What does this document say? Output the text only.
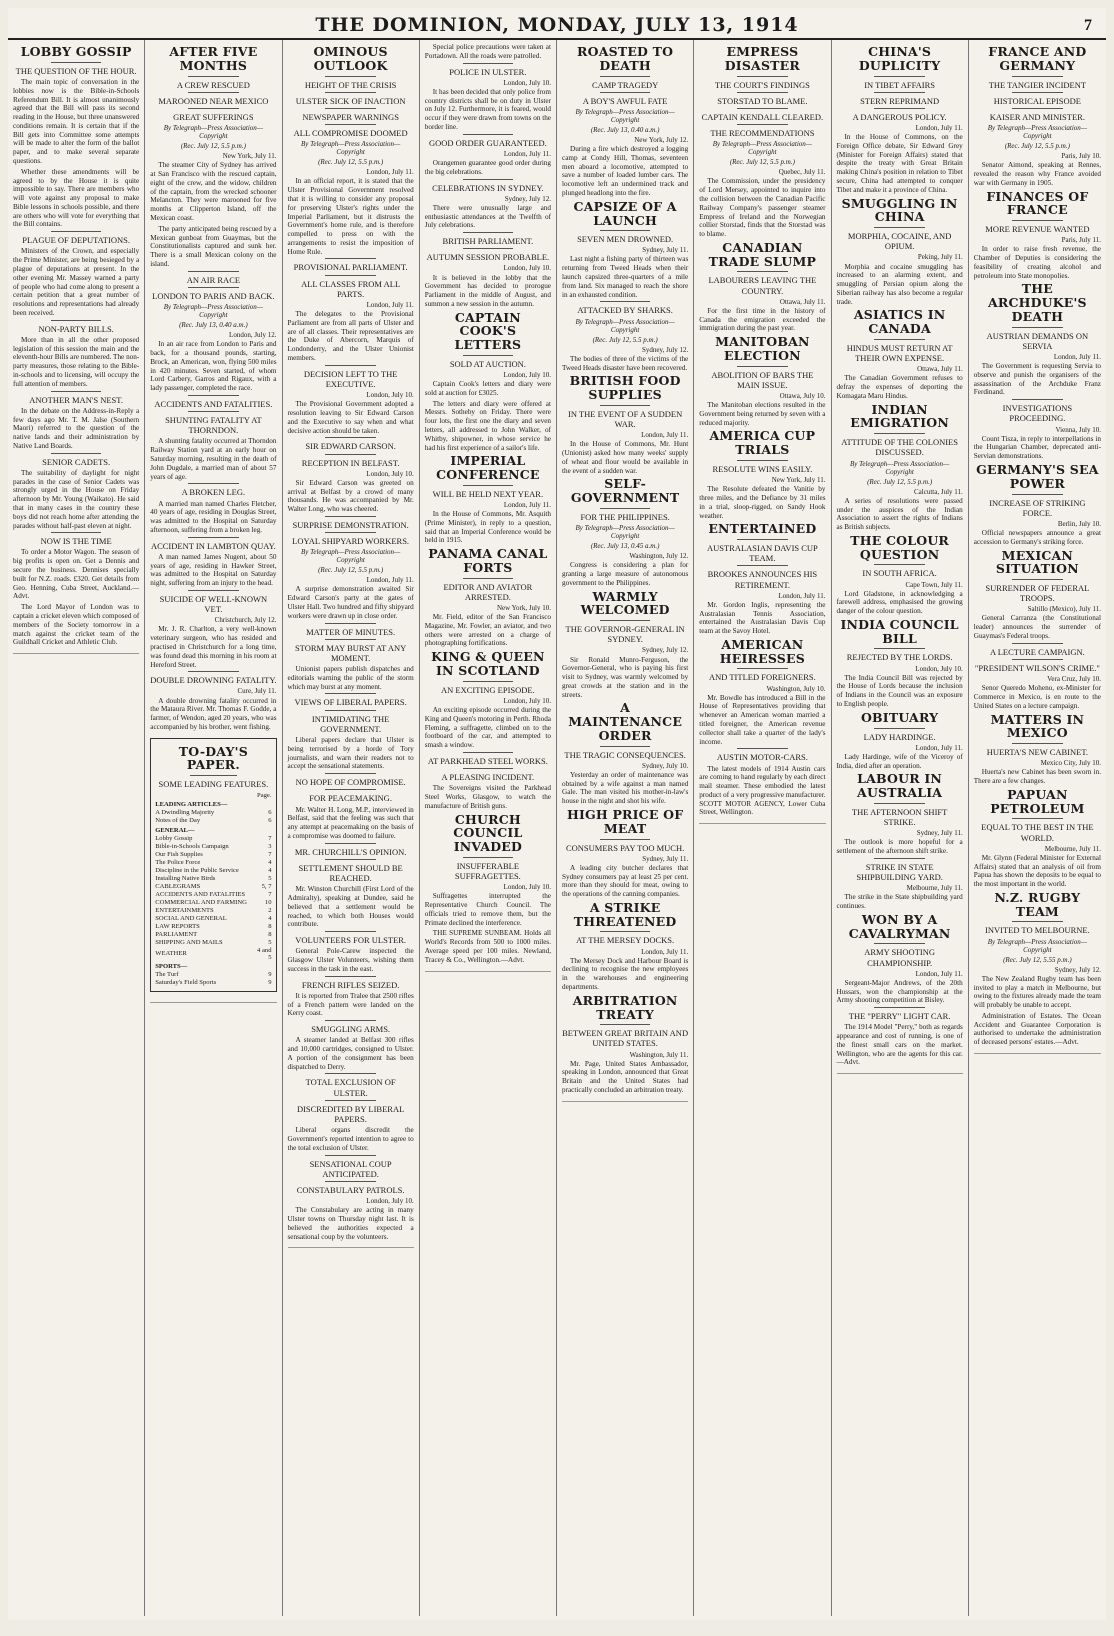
THE DOMINION, MONDAY, JULY 13, 1914	7
LOBBY GOSSIP
THE QUESTION OF THE HOUR.

The main topic of conversation in the lobbies now is the Bible-in-Schools Referendum Bill. It is almost unanimously agreed that the Bill will pass its second reading in the House, but three unanswered conditions remain. It is certain that if the Bill gets into Committee some attempts will be made to alter the form of the ballot paper, and to make several separate questions.

Whether these amendments will be agreed to by the House it is quite impossible to say. There are members who will vote against any proposal to make Bible lessons in schools possible, and there are others who will vote for everything that the Bill contains.

PLAGUE OF DEPUTATIONS.

Ministers of the Crown, and especially the Prime Minister, are being besieged by a plague of deputations at present. In the other evening Mr. Massey warned a party of people who had come along to present a certain petition that a great number of resolutions and representations had already been received.

NON-PARTY BILLS.

More than in all the other proposed legislation of this session the main and the eleventh-hour Bills are numbered. The non-party measures, those relating to the Bible-in-schools and to licensing, will occupy the full attention of members.

ANOTHER MAN'S NEST.

In the debate on the Address-in-Reply a few days ago Mr. T. M. Jalse (Southern Maori) referred to the question of the native lands and their administration by Native Land Boards.

SENIOR CADETS.

The suitability of daylight for night parades in the case of Senior Cadets was strongly urged in the House on Friday afternoon by Mr. Young (Waikato). He said that in many cases in the country these boys did not reach home after attending the parades without half-past eleven at night.

NOW IS THE TIME

To order a Motor Wagon. The season of big profits is open on. Get a Dennis and secure the business. Dennises specially built for N.Z. roads. £320. Get details from Geo. Henning, Cuba Street, Auckland.—Advt.

The Lord Mayor of London was to captain a cricket eleven which composed of members of the Society tomorrow in a match against the cricket team of the Guildhall Cricket and Athletic Club.

AFTER FIVE MONTHS
A CREW RESCUED
MAROONED NEAR MEXICO
GREAT SUFFERINGS
By Telegraph—Press Association—Copyright
(Rec. July 12, 5.5 p.m.)
New York, July 11.

The steamer City of Sydney has arrived at San Francisco with the rescued captain, eight of the crew, and the widow, children of the captain, from the wrecked schooner Melancton. They were marooned for five months at Clipperton Island, off the Mexican coast.

The party anticipated being rescued by a Mexican gunboat from Guaymas, but the Constitutionalists captured and sunk her. There is a small Mexican colony on the island.

AN AIR RACE
LONDON TO PARIS AND BACK.
By Telegraph—Press Association—Copyright
(Rec. July 13, 0.40 a.m.)
London, July 12.

In an air race from London to Paris and back, for a thousand pounds, starting, Brock, an American, won, flying 500 miles in 420 minutes. Seven started, of whom Lord Carbery, Garros and Rigaux, with a lady passenger, completed the race.

ACCIDENTS AND FATALITIES.
SHUNTING FATALITY AT THORNDON.

A shunting fatality occurred at Thorndon Railway Station yard at an early hour on Saturday morning, resulting in the death of John Dugdale, a married man of about 57 years of age.

A BROKEN LEG.

A married man named Charles Fletcher, 40 years of age, residing in Douglas Street, was admitted to the Hospital on Saturday afternoon, suffering from a broken leg.

ACCIDENT IN LAMBTON QUAY.

A man named James Nugent, about 50 years of age, residing in Hawker Street, was admitted to the Hospital on Saturday night, suffering from an injury to the head.

SUICIDE OF WELL-KNOWN VET.
Christchurch, July 12.

Mr. J. R. Charlton, a very well-known veterinary surgeon, who has resided and practised in Christchurch for a long time, was found dead this morning in his room at Hereford Street.

DOUBLE DROWNING FATALITY.
Cure, July 11.

A double drowning fatality occurred in the Mataura River. Mr. Thomas F. Godde, a farmer, of Wendon, aged 20 years, who was accompanied by his brother, went fishing.

TO-DAY'S PAPER.
SOME LEADING FEATURES.
	Page.
LEADING ARTICLES—	
A Dwindling Majority	6
Notes of the Day	6
GENERAL—	
Lobby Gossip	7
Bible-in-Schools Campaign	3
Our Fish Supplies	7
The Police Force	4
Discipline in the Public Service	4
Installing Native Birds	5
CABLEGRAMS	5, 7
ACCIDENTS AND FATALITIES	7
COMMERCIAL AND FARMING	10
ENTERTAINMENTS	2
SOCIAL AND GENERAL	4
LAW REPORTS	8
PARLIAMENT	8
SHIPPING AND MAILS	5
WEATHER	4 and 5
SPORTS—	
The Turf	9
Saturday's Field Sports	9
OMINOUS OUTLOOK
HEIGHT OF THE CRISIS
ULSTER SICK OF INACTION
NEWSPAPER WARNINGS
ALL COMPROMISE DOOMED
By Telegraph—Press Association—Copyright
(Rec. July 12, 5.5 p.m.)
London, July 11.

In an official report, it is stated that the Ulster Provisional Government resolved that it is willing to consider any proposal for preserving Ulster's rights under the Imperial Parliament, but it distrusts the Government's home rule, and is therefore compelled to press on with the arrangements to resist the imposition of Home Rule.

PROVISIONAL PARLIAMENT.
ALL CLASSES FROM ALL PARTS.
London, July 11.

The delegates to the Provisional Parliament are from all parts of Ulster and are of all classes. Their representatives are the Duke of Abercorn, Marquis of Londonderry, and the Ulster Unionist members.

DECISION LEFT TO THE EXECUTIVE.
London, July 10.

The Provisional Government adopted a resolution leaving to Sir Edward Carson and the Executive to say when and what decisive action should be taken.

SIR EDWARD CARSON.
RECEPTION IN BELFAST.
London, July 10.

Sir Edward Carson was greeted on arrival at Belfast by a crowd of many thousands. He was accompanied by Mr. Walter Long, who was cheered.

SURPRISE DEMONSTRATION.
LOYAL SHIPYARD WORKERS.
By Telegraph—Press Association—Copyright
(Rec. July 12, 5.5 p.m.)
London, July 11.

A surprise demonstration awaited Sir Edward Carson's party at the gates of Ulster Hall. Two hundred and fifty shipyard workers were drawn up in close order.

MATTER OF MINUTES.
STORM MAY BURST AT ANY MOMENT.

Unionist papers publish dispatches and editorials warning the public of the storm which may burst at any moment.

VIEWS OF LIBERAL PAPERS.
INTIMIDATING THE GOVERNMENT.

Liberal papers declare that Ulster is being terrorised by a horde of Tory journalists, and warn their readers not to accept the sensational statements.

NO HOPE OF COMPROMISE.
FOR PEACEMAKING.

Mr. Walter H. Long, M.P., interviewed in Belfast, said that the feeling was such that any attempt at peacemaking on the basis of a compromise was doomed to failure.

MR. CHURCHILL'S OPINION.
SETTLEMENT SHOULD BE REACHED.

Mr. Winston Churchill (First Lord of the Admiralty), speaking at Dundee, said he believed that a settlement would be reached, to which both Houses would contribute.

VOLUNTEERS FOR ULSTER.

General Pole-Carew inspected the Glasgow Ulster Volunteers, wishing them success in the task in the east.

FRENCH RIFLES SEIZED.

It is reported from Tralee that 2500 rifles of a French pattern were landed on the Kerry coast.

SMUGGLING ARMS.

A steamer landed at Belfast 300 rifles and 10,000 cartridges, consigned to Ulster. A portion of the consignment has been dispatched to Derry.

TOTAL EXCLUSION OF ULSTER.
DISCREDITED BY LIBERAL PAPERS.

Liberal organs discredit the Government's reported intention to agree to the total exclusion of Ulster.

SENSATIONAL COUP ANTICIPATED.
CONSTABULARY PATROLS.
London, July 10.

The Constabulary are acting in many Ulster towns on Thursday night last. It is believed the authorities expected a sensational coup by the volunteers.

Special police precautions were taken at Portadown. All the roads were patrolled.

POLICE IN ULSTER.
London, July 10.

It has been decided that only police from country districts shall be on duty in Ulster on July 12. Furthermore, it is feared, would occur if they were drawn from towns on the border line.

GOOD ORDER GUARANTEED.
London, July 11.

Orangemen guarantee good order during the big celebrations.

CELEBRATIONS IN SYDNEY.
Sydney, July 12.

There were unusually large and enthusiastic attendances at the Twelfth of July celebrations.

BRITISH PARLIAMENT.
AUTUMN SESSION PROBABLE.
London, July 10.

It is believed in the lobby that the Government has decided to prorogue Parliament in the middle of August, and summon a new session in the autumn.

CAPTAIN COOK'S LETTERS
SOLD AT AUCTION.
London, July 10.

Captain Cook's letters and diary were sold at auction for £3025.

The letters and diary were offered at Messrs. Sotheby on Friday. There were four lots, the first one the diary and seven letters, all addressed to John Walker, of Whitby, shipowner, in whose service he had his first experience of a sailor's life.

IMPERIAL CONFERENCE
WILL BE HELD NEXT YEAR.
London, July 11.

In the House of Commons, Mr. Asquith (Prime Minister), in reply to a question, said that an Imperial Conference would be held in 1915.

PANAMA CANAL FORTS
EDITOR AND AVIATOR ARRESTED.
New York, July 10.

Mr. Field, editor of the San Francisco Magazine, Mr. Fowler, an aviator, and two others were arrested on a charge of photographing fortifications.

KING & QUEEN IN SCOTLAND
AN EXCITING EPISODE.
London, July 10.

An exciting episode occurred during the King and Queen's motoring in Perth. Rhoda Fleming, a suffragette, climbed on to the footboard of the car, and attempted to smash a window.

AT PARKHEAD STEEL WORKS.
A PLEASING INCIDENT.

The Sovereigns visited the Parkhead Steel Works, Glasgow, to watch the manufacture of British guns.

CHURCH COUNCIL INVADED
INSUFFERABLE SUFFRAGETTES.
London, July 10.

Suffragettes interrupted the Representative Church Council. The officials tried to remove them, but the Primate declined the interference.

THE SUPREME SUNBEAM. Holds all World's Records from 500 to 1000 miles. Average speed per 100 miles. Newland, Tracey & Co., Wellington.—Advt.

ROASTED TO DEATH
CAMP TRAGEDY
A BOY'S AWFUL FATE
By Telegraph—Press Association—Copyright
(Rec. July 13, 0.40 a.m.)
New York, July 12.

During a fire which destroyed a logging camp at Condy Hill, Thomas, seventeen men aboard a locomotive, attempted to save a number of loaded lumber cars. The locomotive left an undermined track and plunged headlong into the fire.

CAPSIZE OF A LAUNCH
SEVEN MEN DROWNED.
Sydney, July 11.

Last night a fishing party of thirteen was returning from Tweed Heads when their launch capsized three-quarters of a mile from land. Six managed to reach the shore in an exhausted condition.

ATTACKED BY SHARKS.
By Telegraph—Press Association—Copyright
(Rec. July 12, 5.5 p.m.)
Sydney, July 12.

The bodies of three of the victims of the Tweed Heads disaster have been recovered.

BRITISH FOOD SUPPLIES
IN THE EVENT OF A SUDDEN WAR.
London, July 11.

In the House of Commons, Mr. Hunt (Unionist) asked how many weeks' supply of wheat and flour would be available in the event of a sudden war.

SELF-GOVERNMENT
FOR THE PHILIPPINES.
By Telegraph—Press Association—Copyright
(Rec. July 13, 0.45 a.m.)
Washington, July 12.

Congress is considering a plan for granting a large measure of autonomous government to the Philippines.

WARMLY WELCOMED
THE GOVERNOR-GENERAL IN SYDNEY.
Sydney, July 12.

Sir Ronald Munro-Ferguson, the Governor-General, who is paying his first visit to Sydney, was warmly welcomed by great crowds at the station and in the streets.

A MAINTENANCE ORDER
THE TRAGIC CONSEQUENCES.
Sydney, July 10.

Yesterday an order of maintenance was obtained by a wife against a man named Gale. The man visited his mother-in-law's house in the night and shot his wife.

HIGH PRICE OF MEAT
CONSUMERS PAY TOO MUCH.
Sydney, July 11.

A leading city butcher declares that Sydney consumers pay at least 25 per cent. more than they should for meat, owing to the operations of the canning companies.

A STRIKE THREATENED
AT THE MERSEY DOCKS.
London, July 11.

The Mersey Dock and Harbour Board is declining to recognise the new employees in the warehouses and engineering departments.

ARBITRATION TREATY
BETWEEN GREAT BRITAIN AND UNITED STATES.
Washington, July 11.

Mr. Page, United States Ambassador, speaking in London, announced that Great Britain and the United States had practically concluded an arbitration treaty.

EMPRESS DISASTER
THE COURT'S FINDINGS
STORSTAD TO BLAME.
CAPTAIN KENDALL CLEARED.
THE RECOMMENDATIONS
By Telegraph—Press Association—Copyright
(Rec. July 12, 5.5 p.m.)
Quebec, July 11.

The Commission, under the presidency of Lord Mersey, appointed to inquire into the collision between the Canadian Pacific Railway Company's passenger steamer Empress of Ireland and the Norwegian collier Storstad, finds that the Storstad was to blame.

CANADIAN TRADE SLUMP
LABOURERS LEAVING THE COUNTRY.
Ottawa, July 11.

For the first time in the history of Canada the emigration exceeded the immigration during the past year.

MANITOBAN ELECTION
ABOLITION OF BARS THE MAIN ISSUE.
Ottawa, July 10.

The Manitoban elections resulted in the Government being returned by seven with a reduced majority.

AMERICA CUP TRIALS
RESOLUTE WINS EASILY.
New York, July 11.

The Resolute defeated the Vanitie by three miles, and the Defiance by 31 miles in a trial, sloop-rigged, on Sandy Hook weather.

ENTERTAINED
AUSTRALASIAN DAVIS CUP TEAM.
BROOKES ANNOUNCES HIS RETIREMENT.
London, July 11.

Mr. Gordon Inglis, representing the Australasian Tennis Association, entertained the Australasian Davis Cup team at the Savoy Hotel.

AMERICAN HEIRESSES
AND TITLED FOREIGNERS.
Washington, July 10.

Mr. Bowdle has introduced a Bill in the House of Representatives providing that whenever an American woman married a titled foreigner, the American revenue collector shall take a quarter of the lady's income.

AUSTIN MOTOR-CARS.

The latest models of 1914 Austin cars are coming to hand regularly by each direct mail steamer. These embodied the latest product of a very progressive manufacturer. SCOTT MOTOR AGENCY, Lower Cuba Street, Wellington.

CHINA'S DUPLICITY
IN TIBET AFFAIRS
STERN REPRIMAND
A DANGEROUS POLICY.
London, July 11.

In the House of Commons, on the Foreign Office debate, Sir Edward Grey (Minister for Foreign Affairs) stated that despite the treaty with Great Britain making China's position in relation to Tibet secure, China had attempted to conquer Tibet and make it a province of China.

SMUGGLING IN CHINA
MORPHIA, COCAINE, AND OPIUM.
Peking, July 11.

Morphia and cocaine smuggling has increased to an alarming extent, and smuggling of Persian opium along the Siberian railway has also become a regular trade.

ASIATICS IN CANADA
HINDUS MUST RETURN AT THEIR OWN EXPENSE.
Ottawa, July 11.

The Canadian Government refuses to defray the expenses of deporting the Komagata Maru Hindus.

INDIAN EMIGRATION
ATTITUDE OF THE COLONIES DISCUSSED.
By Telegraph—Press Association—Copyright
(Rec. July 12, 5.5 p.m.)
Calcutta, July 11.

A series of resolutions were passed under the auspices of the Indian Association to assert the rights of Indians as British subjects.

THE COLOUR QUESTION
IN SOUTH AFRICA.
Cape Town, July 11.

Lord Gladstone, in acknowledging a farewell address, emphasised the growing danger of the colour question.

INDIA COUNCIL BILL
REJECTED BY THE LORDS.
London, July 10.

The India Council Bill was rejected by the House of Lords because the inclusion of Indians in the Council was an exposure to English people.

OBITUARY
LADY HARDINGE.
London, July 11.

Lady Hardinge, wife of the Viceroy of India, died after an operation.

LABOUR IN AUSTRALIA
THE AFTERNOON SHIFT STRIKE.
Sydney, July 11.

The outlook is more hopeful for a settlement of the afternoon shift strike.

STRIKE IN STATE SHIPBUILDING YARD.
Melbourne, July 11.

The strike in the State shipbuilding yard continues.

WON BY A CAVALRYMAN
ARMY SHOOTING CHAMPIONSHIP.
London, July 11.

Sergeant-Major Andrews, of the 20th Hussars, won the championship at the Army shooting competition at Bisley.

THE "PERRY" LIGHT CAR.

The 1914 Model "Perry," both as regards appearance and cost of running, is one of the finest small cars on the market. Wellington, who are the agents for this car.—Advt.

FRANCE AND GERMANY
THE TANGIER INCIDENT
HISTORICAL EPISODE
KAISER AND MINISTER.
By Telegraph—Press Association—Copyright
(Rec. July 12, 5.5 p.m.)
Paris, July 10.

Senator Aimond, speaking at Rennes, revealed the reason why France avoided war with Germany in 1905.

FINANCES OF FRANCE
MORE REVENUE WANTED
Paris, July 11.

In order to raise fresh revenue, the Chamber of Deputies is considering the feasibility of creating alcohol and petroleum into State monopolies.

THE ARCHDUKE'S DEATH
AUSTRIAN DEMANDS ON SERVIA
London, July 11.

The Government is requesting Servia to observe and punish the organisers of the assassination of the Archduke Franz Ferdinand.

INVESTIGATIONS PROCEEDING.
Vienna, July 10.

Count Tisza, in reply to interpellations in the Hungarian Chamber, deprecated anti-Servian demonstrations.

GERMANY'S SEA POWER
INCREASE OF STRIKING FORCE.
Berlin, July 10.

Official newspapers announce a great accession to Germany's striking force.

MEXICAN SITUATION
SURRENDER OF FEDERAL TROOPS.
Saltillo (Mexico), July 11.

General Carranza (the Constitutional leader) announces the surrender of Guaymas's Federal troops.

A LECTURE CAMPAIGN.
"PRESIDENT WILSON'S CRIME."
Vera Cruz, July 10.

Senor Queredo Moheno, ex-Minister for Commerce in Mexico, is en route to the United States on a lecture campaign.

MATTERS IN MEXICO
HUERTA'S NEW CABINET.
Mexico City, July 10.

Huerta's new Cabinet has been sworn in. There are a few changes.

PAPUAN PETROLEUM
EQUAL TO THE BEST IN THE WORLD.
Melbourne, July 11.

Mr. Glynn (Federal Minister for External Affairs) stated that an analysis of oil from Papua has shown the deposits to be equal to the most important in the world.

N.Z. RUGBY TEAM
INVITED TO MELBOURNE.
By Telegraph—Press Association—Copyright
(Rec. July 12, 5.55 p.m.)
Sydney, July 12.

The New Zealand Rugby team has been invited to play a match in Melbourne, but owing to the fixtures already made the team will probably be unable to accept.

Administration of Estates. The Ocean Accident and Guarantee Corporation is authorised to undertake the administration of deceased persons' estates.—Advt.
